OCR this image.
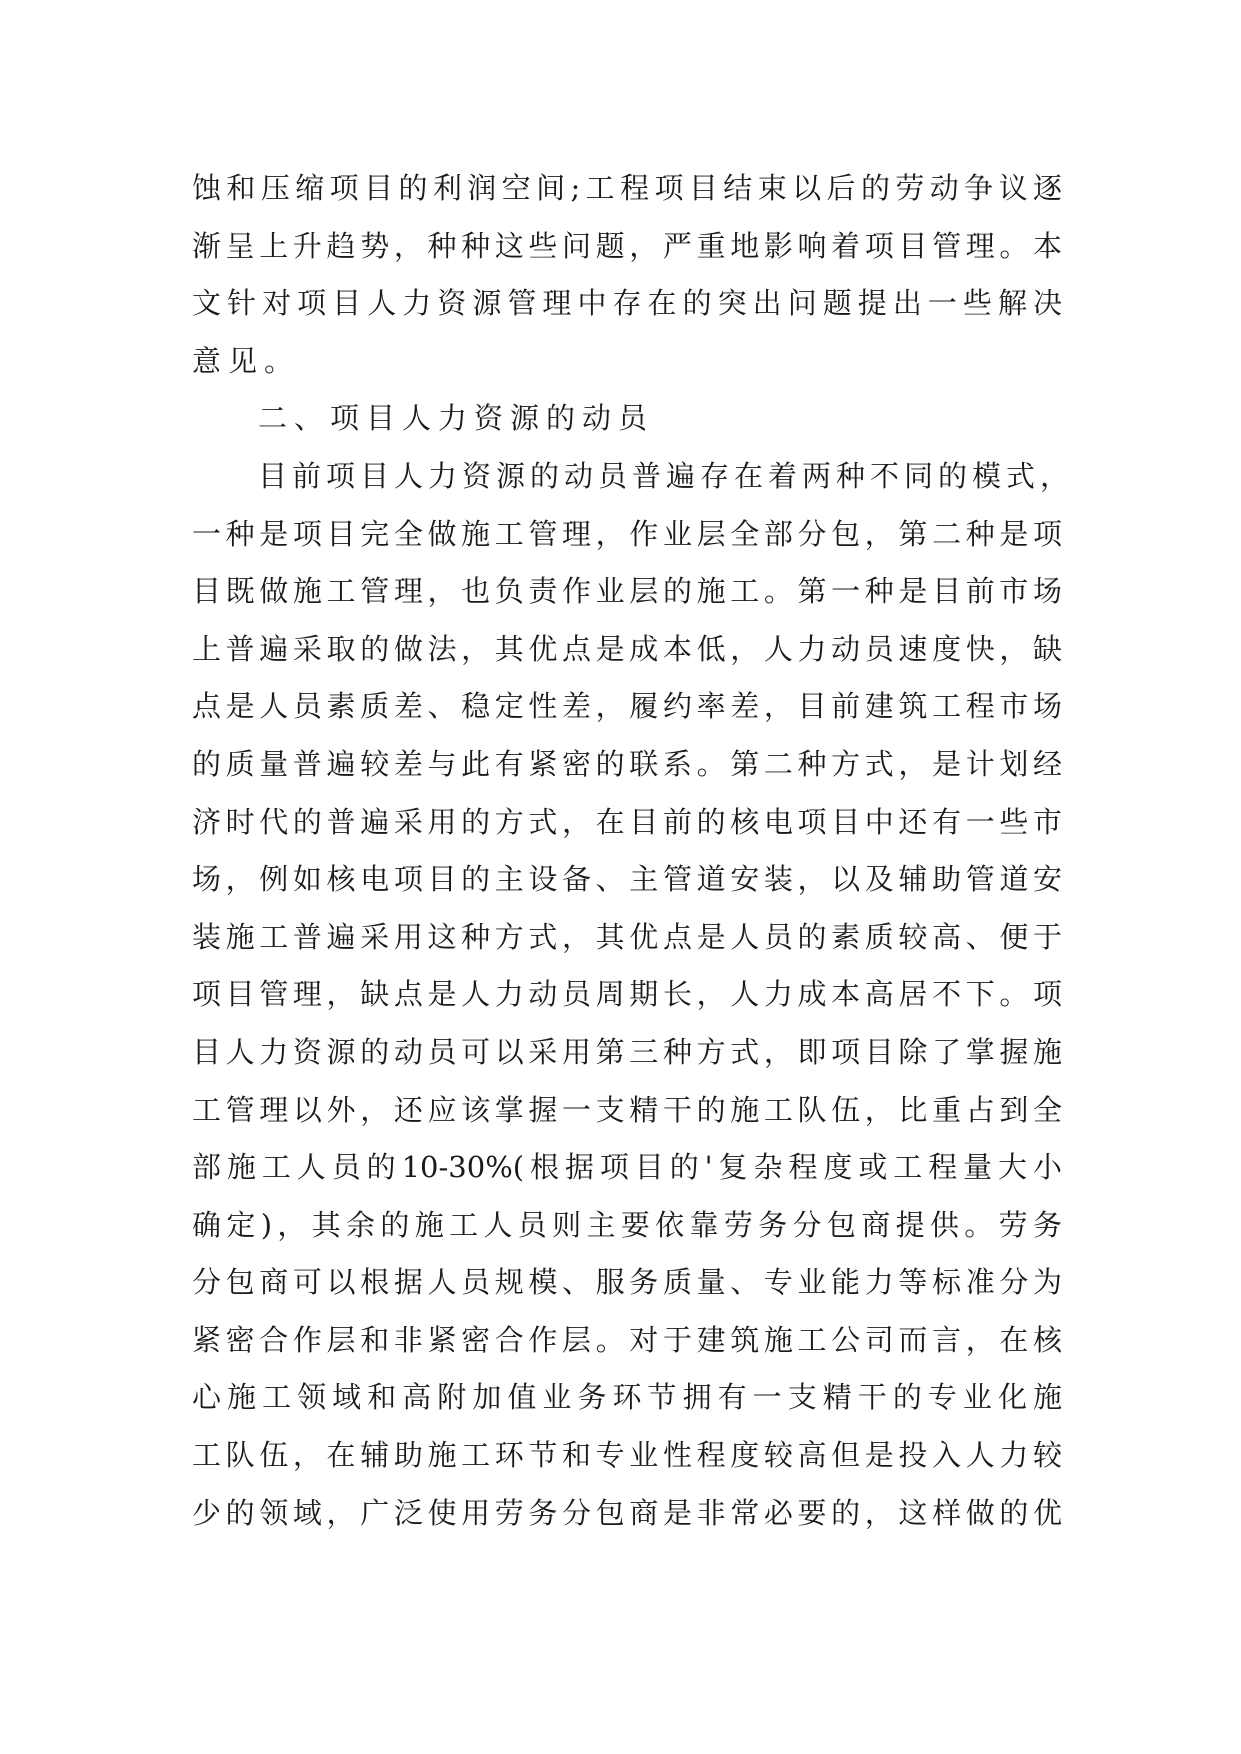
蚀和压缩项目的利润空间;工程项目结束以后的劳动争议逐
渐呈上升趋势，种种这些问题，严重地影响着项目管理。本
文针对项目人力资源管理中存在的突出问题提出一些解决
意见。
二、项目人力资源的动员
目前项目人力资源的动员普遍存在着两种不同的模式，
一种是项目完全做施工管理，作业层全部分包，第二种是项
目既做施工管理，也负责作业层的施工。第一种是目前市场
上普遍采取的做法，其优点是成本低，人力动员速度快，缺
点是人员素质差、稳定性差，履约率差，目前建筑工程市场
的质量普遍较差与此有紧密的联系。第二种方式，是计划经
济时代的普遍采用的方式，在目前的核电项目中还有一些市
场，例如核电项目的主设备、主管道安装，以及辅助管道安
装施工普遍采用这种方式，其优点是人员的素质较高、便于
项目管理，缺点是人力动员周期长，人力成本高居不下。项
目人力资源的动员可以采用第三种方式，即项目除了掌握施
工管理以外，还应该掌握一支精干的施工队伍，比重占到全
部施工人员的10-30%(根据项目的'复杂程度或工程量大小
确定)，其余的施工人员则主要依靠劳务分包商提供。劳务
分包商可以根据人员规模、服务质量、专业能力等标准分为
紧密合作层和非紧密合作层。对于建筑施工公司而言，在核
心施工领域和高附加值业务环节拥有一支精干的专业化施
工队伍，在辅助施工环节和专业性程度较高但是投入人力较
少的领域，广泛使用劳务分包商是非常必要的，这样做的优
